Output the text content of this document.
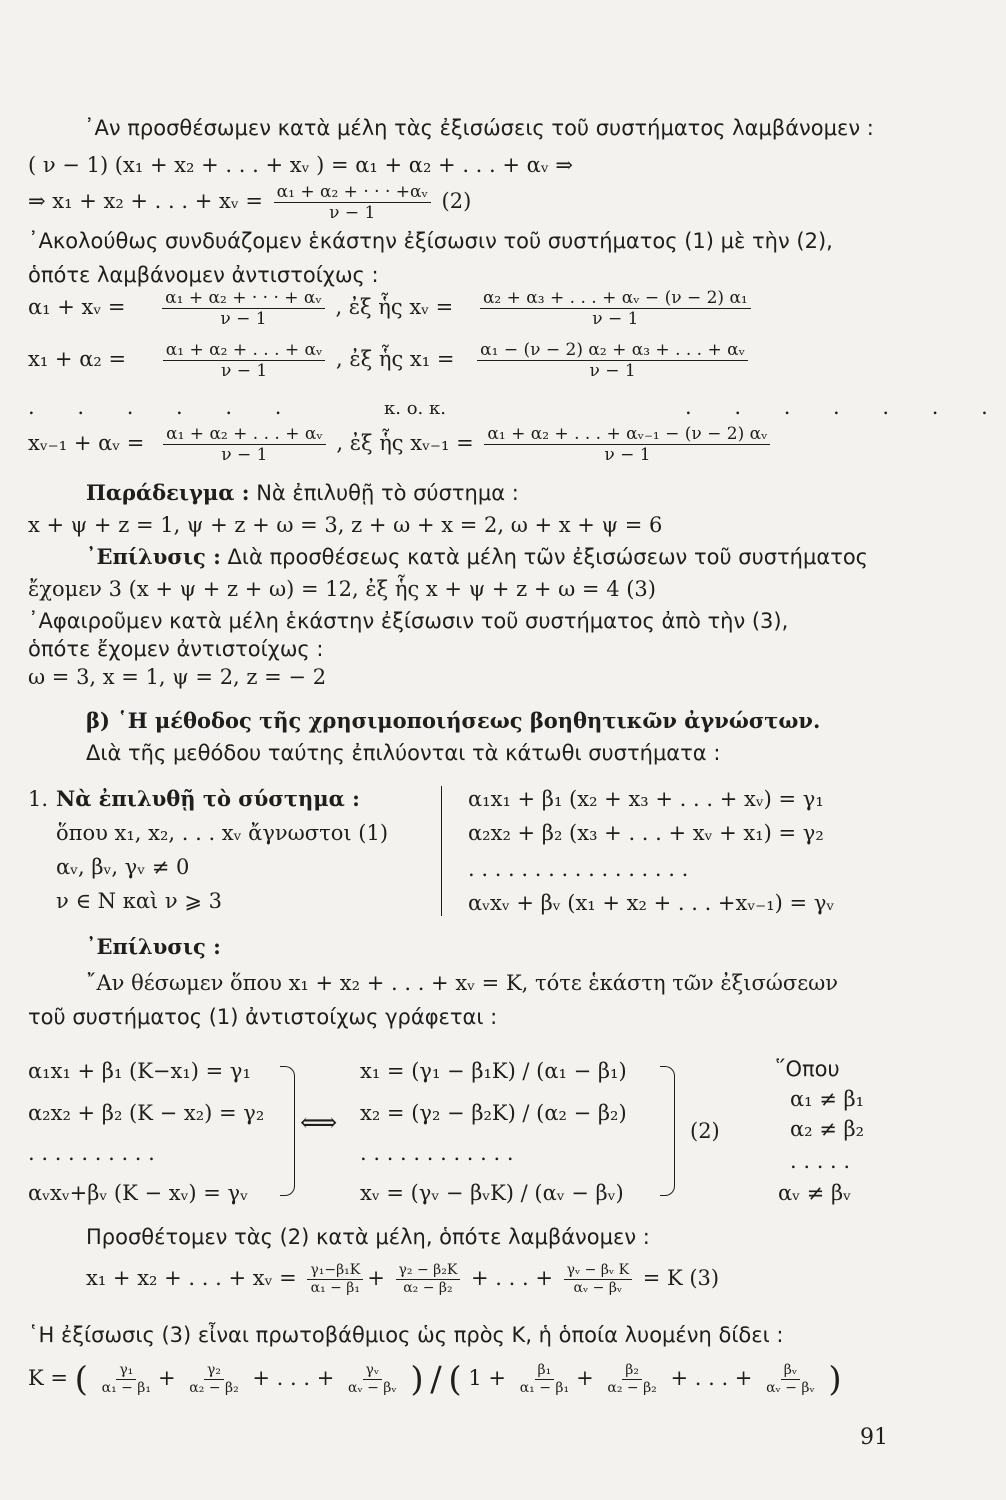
᾿Αν προσθέσωμεν κατὰ μέλη τὰς ἐξισώσεις τοῦ συστήματος λαμβάνομεν :
( ν − 1) (x₁ + x₂ + . . . + xᵥ ) = α₁ + α₂ + . . . + αᵥ ⇒
⇒ x₁ + x₂ + . . . + xᵥ = $\frac{\text{α₁ + α₂ + · · · +αᵥ}}{\nu - 1} (2)$
᾿Ακολούθως συνδυάζομεν ἑκάστην ἐξίσωσιν τοῦ συστήματος (1) μὲ τὴν (2),
ὁπότε λαμβάνομεν ἀντιστοίχως :
α₁ + xᵥ = $\frac{\text{α₁ + α₂ + · · · + αᵥ}}{\nu - 1}$ , ἐξ ἧς xᵥ = $\frac{\text{α₂ + α₃ + . . . + αᵥ − (ν − 2) α₁}}{\nu - 1}$
$x_1 + \alpha_2 = \frac{\text{α₁ + α₂ + . . . + αᵥ}}{\nu - 1}$ , ἐξ ἧς $x_1 = \frac{\text{α₁ − (ν − 2) α₂ + α₃ + . . . + αᵥ}}{\nu - 1}$
. . . . . .	κ. ο. κ.	. . . . . . .
xᵥ₋₁ + αᵥ = $\frac{\text{α₁ + α₂ + . . . + αᵥ}}{\nu - 1}$ , ἐξ ἧς xᵥ₋₁ = $\frac{\text{α₁ + α₂ + . . . + αᵥ₋₁ − (ν − 2) αᵥ}}{\nu - 1}$
Παράδειγμα : Νὰ ἐπιλυθῇ τὸ σύστημα :
x + ψ + z = 1, ψ + z + ω = 3, z + ω + x = 2, ω + x + ψ = 6
᾿Επίλυσις : Διὰ προσθέσεως κατὰ μέλη τῶν ἐξισώσεων τοῦ συστήματος
ἔχομεν 3 (x + ψ + z + ω) = 12, ἐξ ἧς x + ψ + z + ω = 4 (3)
᾿Αφαιροῦμεν κατὰ μέλη ἑκάστην ἐξίσωσιν τοῦ συστήματος ἀπὸ τὴν (3),
ὁπότε ἔχομεν ἀντιστοίχως :
ω = 3, x = 1, ψ = 2, z = − 2
β) ῾Η μέθοδος τῆς χρησιμοποιήσεως βοηθητικῶν ἀγνώστων.
Διὰ τῆς μεθόδου ταύτης ἐπιλύονται τὰ κάτωθι συστήματα :
1. Νὰ ἐπιλυθῇ τὸ σύστημα :
ὅπου x₁, x₂, . . . xᵥ ἄγνωστοι (1)
αᵥ, βᵥ, γᵥ ≠ 0
ν ∈ N καὶ ν ⩾ 3
α₁x₁ + β₁ (x₂ + x₃ + . . . + xᵥ) = γ₁
α₂x₂ + β₂ (x₃ + . . . + xᵥ + x₁) = γ₂
. . . . . . . . . . . . . . . . .
αᵥxᵥ + βᵥ (x₁ + x₂ + . . . +xᵥ₋₁) = γᵥ
᾿Επίλυσις :
῎Αν θέσωμεν ὅπου x₁ + x₂ + . . . + xᵥ = K, τότε ἑκάστη τῶν ἐξισώσεων
τοῦ συστήματος (1) ἀντιστοίχως γράφεται :
α₁x₁ + β₁ (K−x₁) = γ₁
α₂x₂ + β₂ (K − x₂) = γ₂
. . . . . . . . . .
αᵥxᵥ+βᵥ (K − xᵥ) = γᵥ
⟺
x₁ = (γ₁ − β₁K) / (α₁ − β₁)
x₂ = (γ₂ − β₂K) / (α₂ − β₂)
. . . . . . . . . . . .
xᵥ = (γᵥ − βᵥK) / (αᵥ − βᵥ)
(2)
῞Οπου
α₁ ≠ β₁
α₂ ≠ β₂
. . . . .
αᵥ ≠ βᵥ
Προσθέτομεν τὰς (2) κατὰ μέλη, ὁπότε λαμβάνομεν :
x₁ + x₂ + . . . + xᵥ = $\frac{\text{γ₁−β₁K}}{\text{α₁ − β₁}} + \frac{\text{γ₂ − β₂K}}{\text{α₂ − β₂}}$ + . . . + $\frac{\text{γᵥ − βᵥ K}}{\text{αᵥ − βᵥ}} = K$ (3)
῾Η ἐξίσωσις (3) εἶναι πρωτοβάθμιος ὡς πρὸς K, ἡ ὁποία λυομένη δίδει :
K = ( $\frac{\text{γ₁}}{\text{α₁ − β₁}} + \frac{\text{γ₂}}{\text{α₂ − β₂}}$ + . . . + $\frac{\text{γᵥ}}{\text{αᵥ − βᵥ}}$ ) / ( $1 + \frac{\text{β₁}}{\text{α₁ − β₁}} + \frac{\text{β₂}}{\text{α₂ − β₂}}$ + . . . + $\frac{\text{βᵥ}}{\text{αᵥ − βᵥ}}$ )
91
